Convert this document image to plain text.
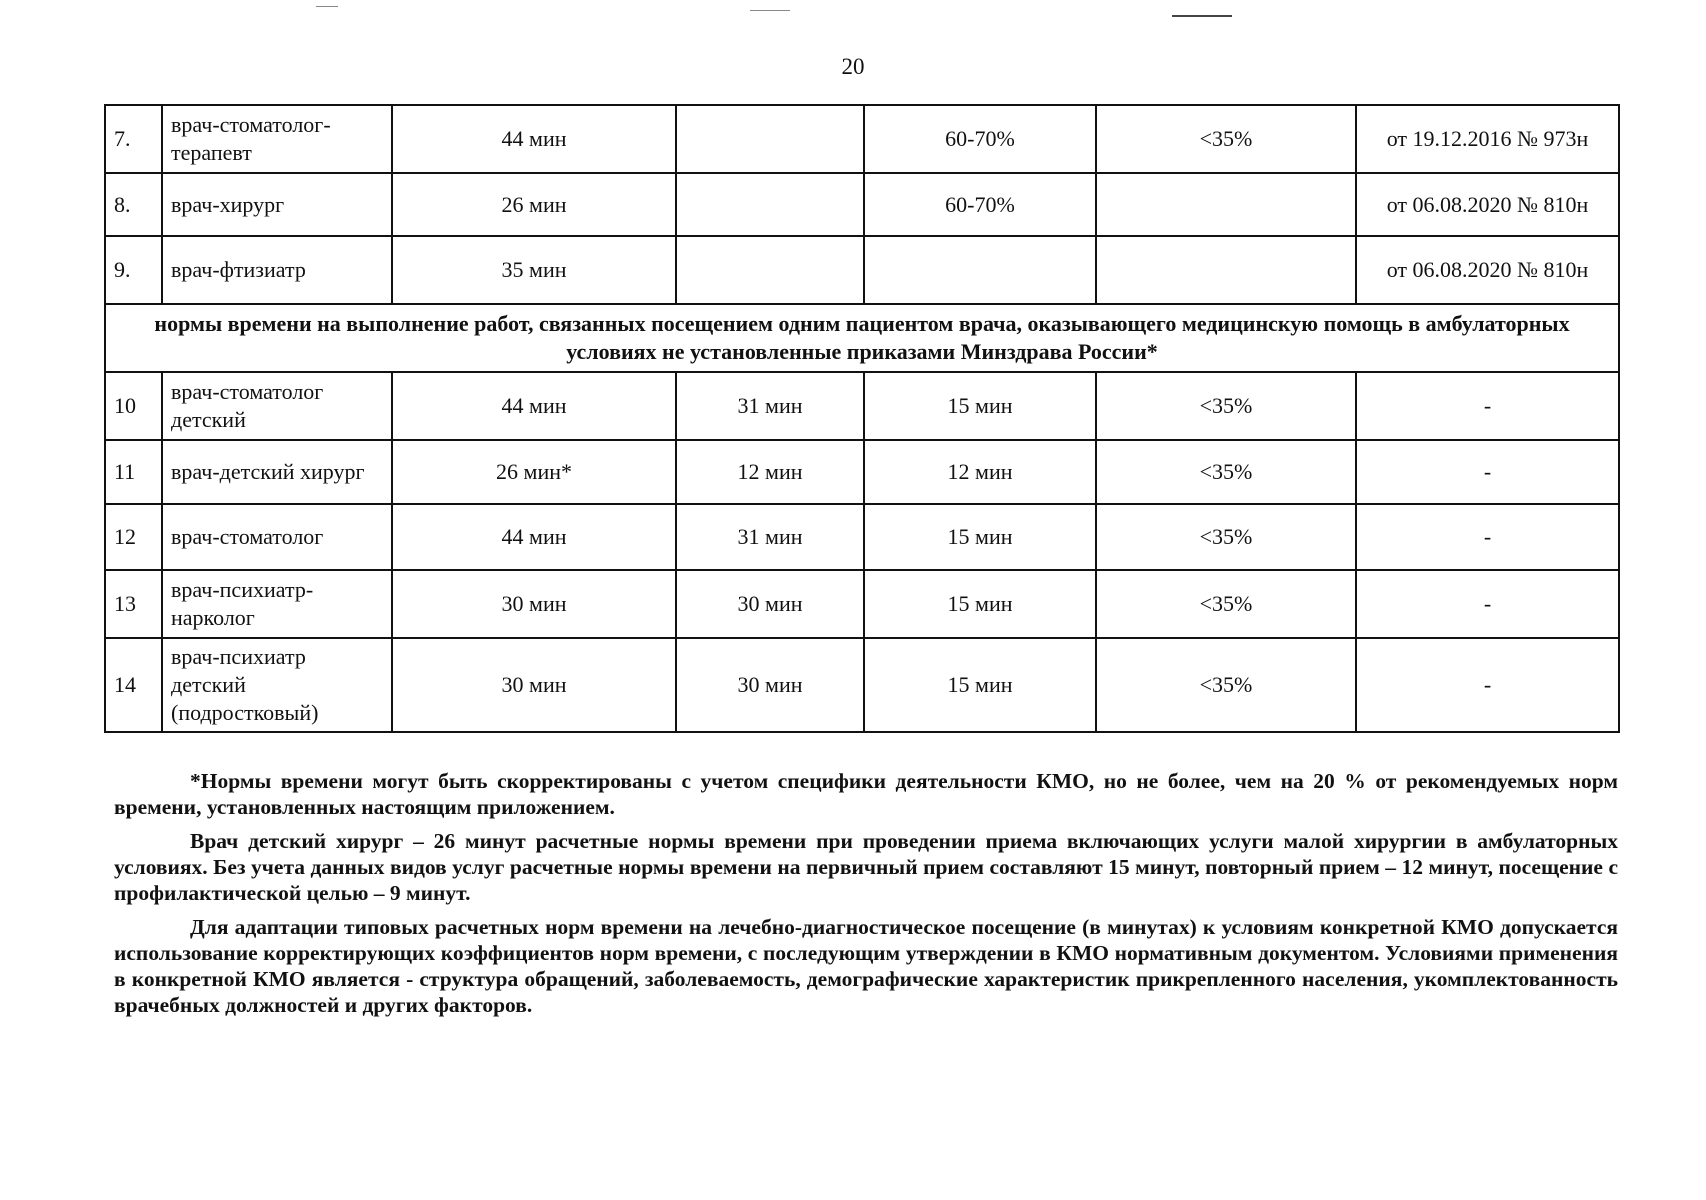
20
7.	врач-стоматолог-терапевт	44 мин		60-70%	<35%	от 19.12.2016 № 973н
8.	врач-хирург	26 мин		60-70%		от 06.08.2020 № 810н
9.	врач-фтизиатр	35 мин				от 06.08.2020 № 810н
нормы времени на выполнение работ, связанных посещением одним пациентом врача, оказывающего медицинскую помощь в амбулаторных условиях не установленные приказами Минздрава России*						
10	врач-стоматолог детский	44 мин	31 мин	15 мин	<35%	-
11	врач-детский хирург	26 мин*	12 мин	12 мин	<35%	-
12	врач-стоматолог	44 мин	31 мин	15 мин	<35%	-
13	врач-психиатр-нарколог	30 мин	30 мин	15 мин	<35%	-
14	врач-психиатр детский (подростковый)	30 мин	30 мин	15 мин	<35%	-

*Нормы времени могут быть скорректированы с учетом специфики деятельности КМО, но не более, чем на 20 % от рекомендуемых норм времени, установленных настоящим приложением.

Врач детский хирург – 26 минут расчетные нормы времени при проведении приема включающих услуги малой хирургии в амбулаторных условиях. Без учета данных видов услуг расчетные нормы времени на первичный прием составляют 15 минут, повторный прием – 12 минут, посещение с профилактической целью – 9 минут.

Для адаптации типовых расчетных норм времени на лечебно-диагностическое посещение (в минутах) к условиям конкретной КМО допускается использование корректирующих коэффициентов норм времени, с последующим утверждении в КМО нормативным документом. Условиями применения в конкретной КМО является - структура обращений, заболеваемость, демографические характеристик прикрепленного населения, укомплектованность врачебных должностей и других факторов.
